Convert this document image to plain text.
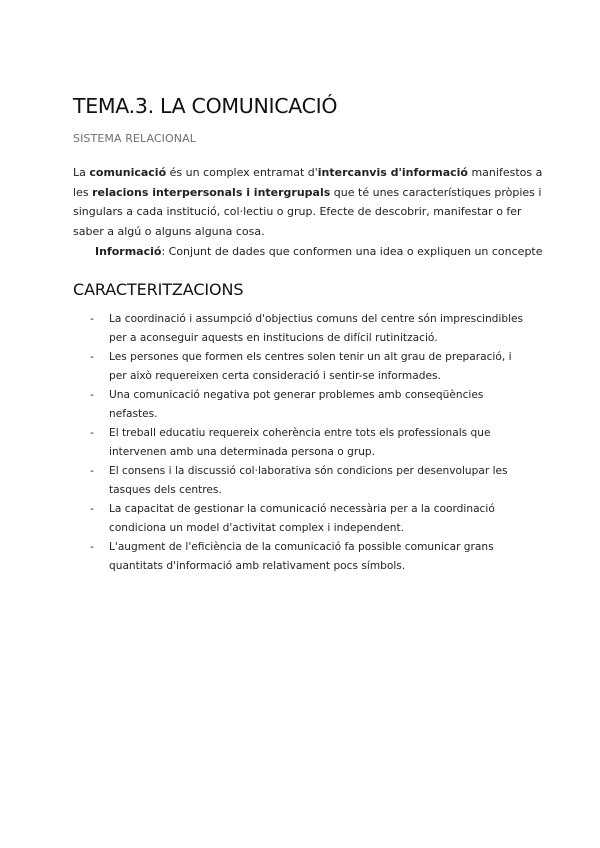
TEMA.3. LA COMUNICACIÓ

SISTEMA RELACIONAL

La comunicació és un complex entramat d'intercanvis d'informació manifestos a
les relacions interpersonals i intergrupals que té unes característiques pròpies i
singulars a cada institució, col·lectiu o grup. Efecte de descobrir, manifestar o fer
saber a algú o alguns alguna cosa.
Informació: Conjunt de dades que conformen una idea o expliquen un concepte

CARACTERITZACIONS
- La coordinació i assumpció d'objectius comuns del centre són imprescindibles
per a aconseguir aquests en institucions de difícil rutinització.
- Les persones que formen els centres solen tenir un alt grau de preparació, i
per això requereixen certa consideració i sentir-se informades.
- Una comunicació negativa pot generar problemes amb conseqüències
nefastes.
- El treball educatiu requereix coherència entre tots els professionals que
intervenen amb una determinada persona o grup.
- El consens i la discussió col·laborativa són condicions per desenvolupar les
tasques dels centres.
- La capacitat de gestionar la comunicació necessària per a la coordinació
condiciona un model d'activitat complex i independent.
- L'augment de l'eficiència de la comunicació fa possible comunicar grans
quantitats d'informació amb relativament pocs símbols.
